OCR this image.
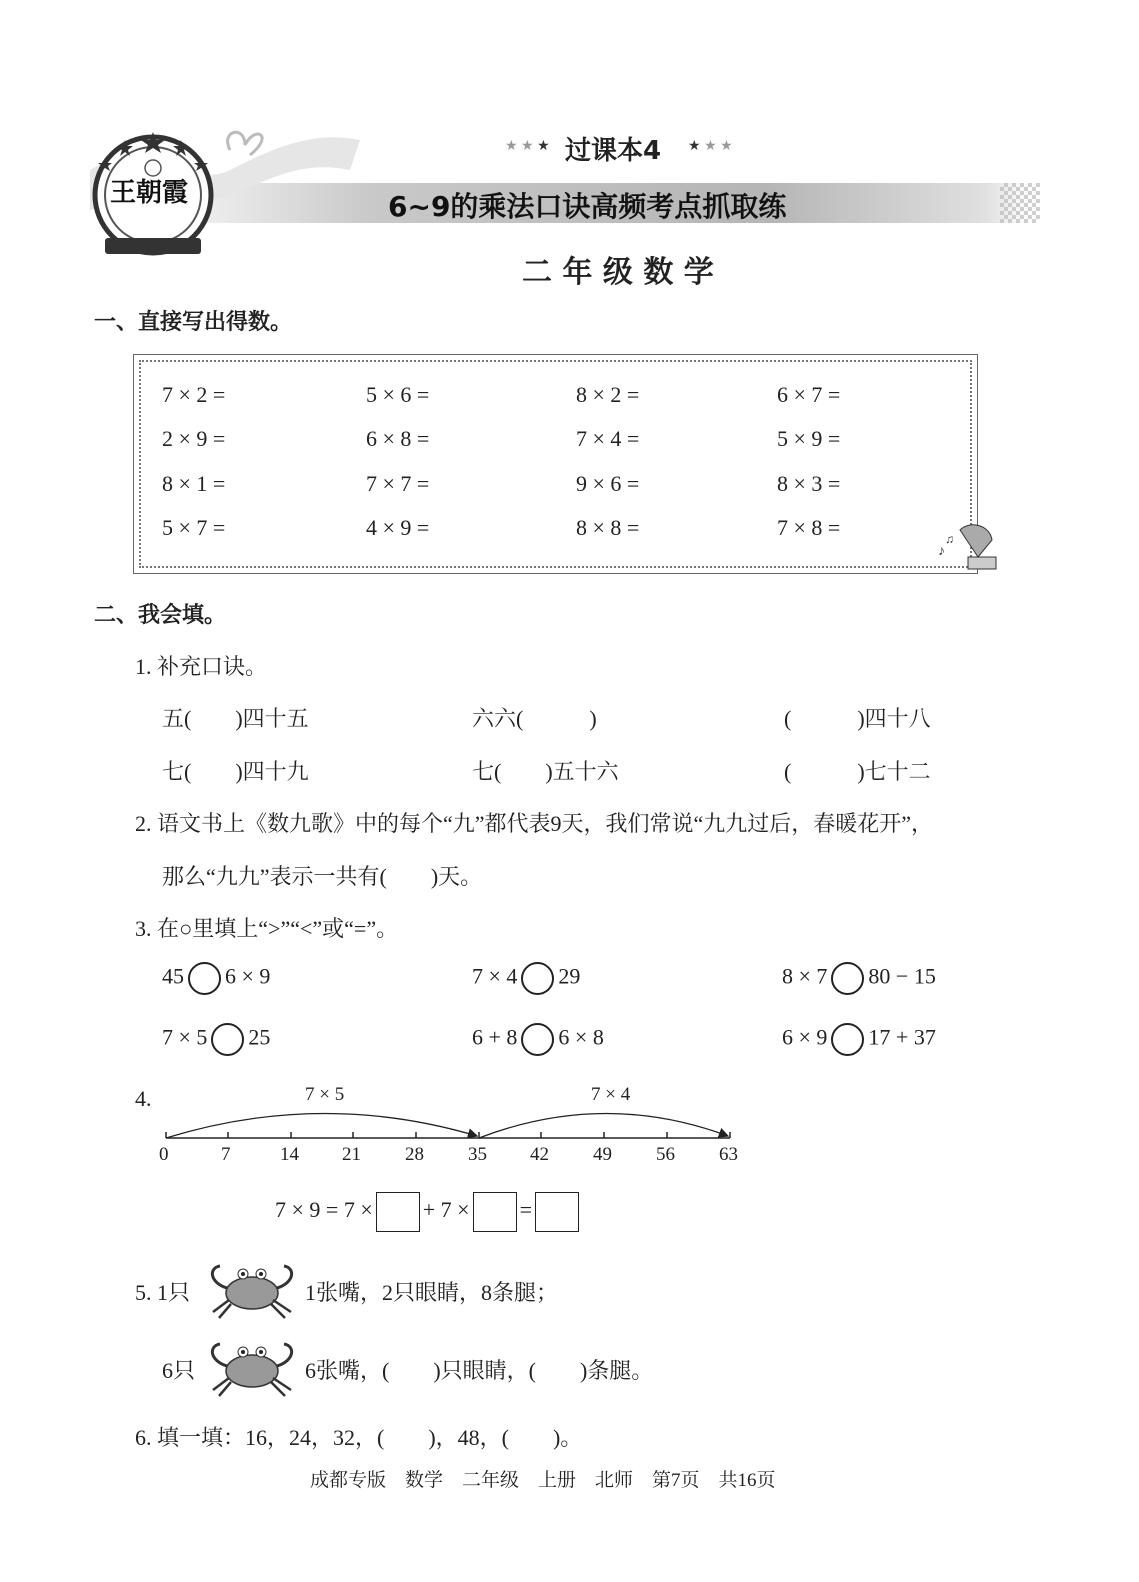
王朝霞
★ ★ ★ 过课本4 ★ ★ ★
6~9的乘法口诀高频考点抓取练
二 年 级 数 学
一、直接写出得数。
7 × 2 =	5 × 6 =	8 × 2 =	6 × 7 =
2 × 9 =	6 × 8 =	7 × 4 =	5 × 9 =
8 × 1 =	7 × 7 =	9 × 6 =	8 × 3 =
5 × 7 =	4 × 9 =	8 × 8 =	7 × 8 =
♪
♫
二、我会填。
1. 补充口诀。
五(　　)四十五	六六(　　　)	(　　　)四十八
七(　　)四十九	七(　　)五十六	(　　　)七十二
2. 语文书上《数九歌》中的每个“九”都代表9天，我们常说“九九过后，春暖花开”，
那么“九九”表示一共有(　　)天。
3. 在○里填上“>”“<”或“=”。
45 6 × 9	7 × 4 29	8 × 7 80 − 15
7 × 5 25	6 + 8 6 × 8	6 × 9 17 + 37
4.	7 × 5	7 × 4
0	7	14 21 28 35 42 49 56 63
7 × 9 = 7 × + 7 × =
5. 1只	1张嘴，2只眼睛，8条腿；
6只	6张嘴，(　　)只眼睛，(　　)条腿。
6. 填一填：16，24，32，(　　)，48，(　　)。
成都专版　数学　二年级　上册　北师　第7页　共16页
